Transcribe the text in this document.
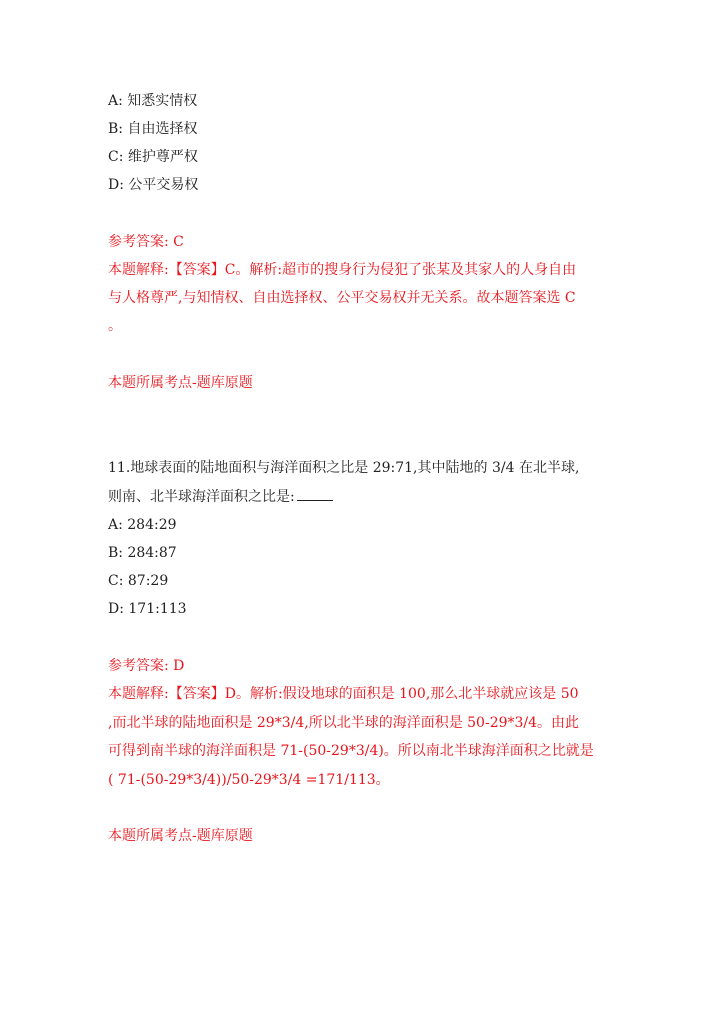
A: 知悉实情权
B: 自由选择权
C: 维护尊严权
D: 公平交易权
参考答案: C
本题解释:【答案】C。解析:超市的搜身行为侵犯了张某及其家人的人身自由
与人格尊严,与知情权、自由选择权、公平交易权并无关系。故本题答案选 C
。
本题所属考点-题库原题
11.地球表面的陆地面积与海洋面积之比是 29:71,其中陆地的 3/4 在北半球,
则南、北半球海洋面积之比是:
A: 284:29
B: 284:87
C: 87:29
D: 171:113
参考答案: D
本题解释:【答案】D。解析:假设地球的面积是 100,那么北半球就应该是 50
,而北半球的陆地面积是 29*3/4,所以北半球的海洋面积是 50-29*3/4。由此
可得到南半球的海洋面积是 71-(50-29*3/4)。所以南北半球海洋面积之比就是
( 71-(50-29*3/4))/50-29*3/4 =171/113。
本题所属考点-题库原题
